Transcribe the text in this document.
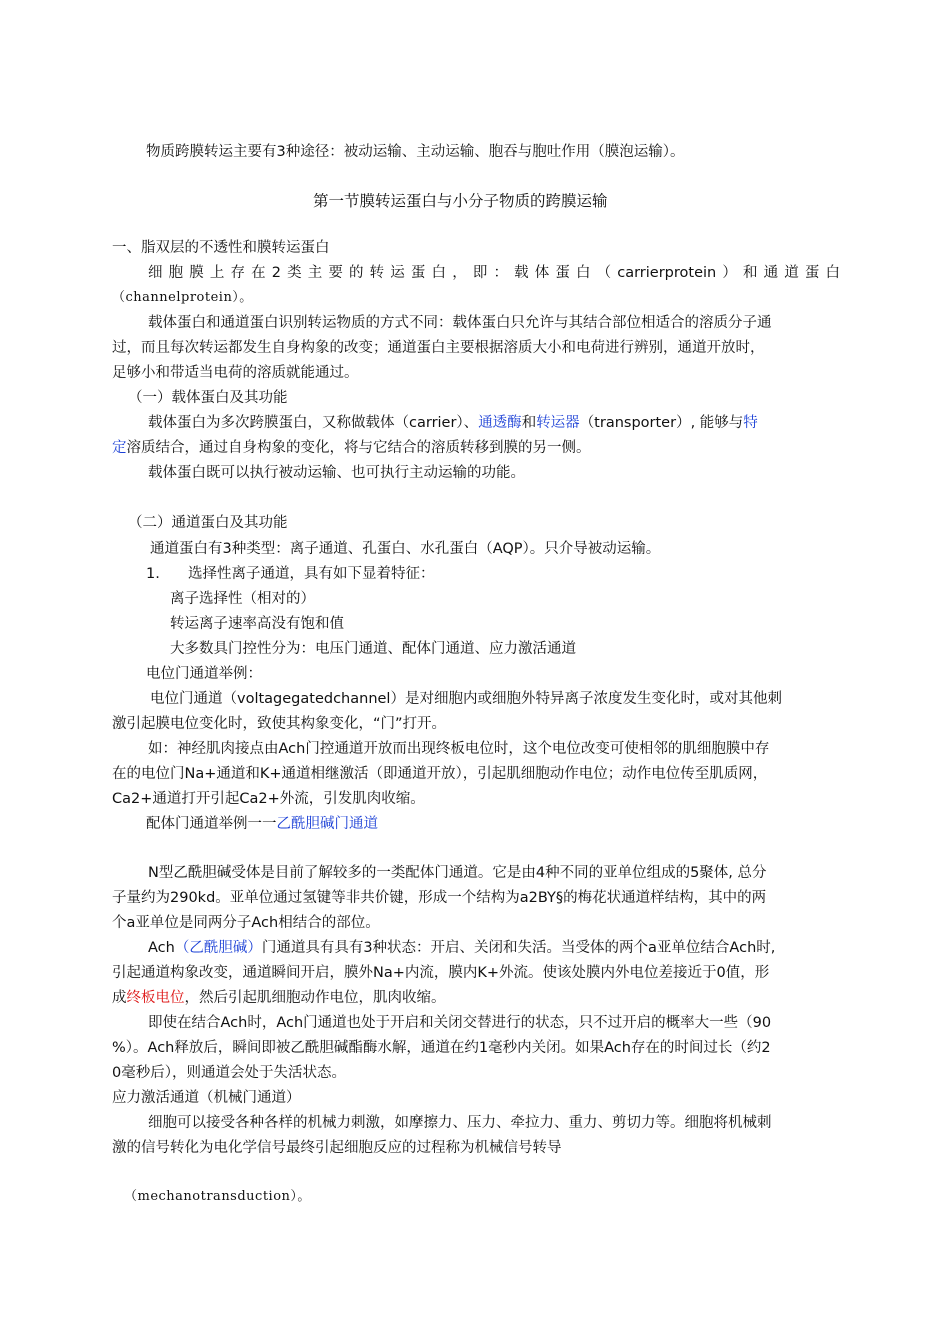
物质跨膜转运主要有3种途径：被动运输、主动运输、胞吞与胞吐作用（膜泡运输）。
第一节膜转运蛋白与小分子物质的跨膜运输
一、脂双层的不透性和膜转运蛋白
细胞膜上存在2类主要的转运蛋白，即：载体蛋白（carrierprotein）和通道蛋白
（channelprotein）。
载体蛋白和通道蛋白识别转运物质的方式不同：载体蛋白只允许与其结合部位相适合的溶质分子通
过，而且每次转运都发生自身构象的改变；通道蛋白主要根据溶质大小和电荷进行辨别，通道开放时，
足够小和带适当电荷的溶质就能通过。
（一）载体蛋白及其功能
载体蛋白为多次跨膜蛋白，又称做载体（carrier）、通透酶和转运器（transporter）, 能够与特
定溶质结合，通过自身构象的变化，将与它结合的溶质转移到膜的另一侧。
载体蛋白既可以执行被动运输、也可执行主动运输的功能。
（二）通道蛋白及其功能
通道蛋白有3种类型：离子通道、孔蛋白、水孔蛋白（AQP）。只介导被动运输。
1. 选择性离子通道，具有如下显着特征：
离子选择性（相对的）
转运离子速率高没有饱和值
大多数具门控性分为：电压门通道、配体门通道、应力激活通道
电位门通道举例：
电位门通道（voltagegatedchannel）是对细胞内或细胞外特异离子浓度发生变化时，或对其他刺
激引起膜电位变化时，致使其构象变化，“门”打开。
如：神经肌肉接点由Ach门控通道开放而出现终板电位时，这个电位改变可使相邻的肌细胞膜中存
在的电位门Na+通道和K+通道相继激活（即通道开放），引起肌细胞动作电位；动作电位传至肌质网，
Ca2+通道打开引起Ca2+外流，引发肌肉收缩。
配体门通道举例一一乙酰胆碱门通道
N型乙酰胆碱受体是目前了解较多的一类配体门通道。它是由4种不同的亚单位组成的5聚体, 总分
子量约为290kd。亚单位通过氢键等非共价键，形成一个结构为a2BY§的梅花状通道样结构，其中的两
个a亚单位是同两分子Ach相结合的部位。
Ach（乙酰胆碱）门通道具有具有3种状态：开启、关闭和失活。当受体的两个a亚单位结合Ach时,
引起通道构象改变，通道瞬间开启，膜外Na+内流，膜内K+外流。使该处膜内外电位差接近于0值，形
成终板电位，然后引起肌细胞动作电位，肌肉收缩。
即使在结合Ach时，Ach门通道也处于开启和关闭交替进行的状态，只不过开启的概率大一些（90
%）。Ach释放后，瞬间即被乙酰胆碱酯酶水解，通道在约1毫秒内关闭。如果Ach存在的时间过长（约2
0毫秒后），则通道会处于失活状态。
应力激活通道（机械门通道）
细胞可以接受各种各样的机械力刺激，如摩擦力、压力、牵拉力、重力、剪切力等。细胞将机械刺
激的信号转化为电化学信号最终引起细胞反应的过程称为机械信号转导
（mechanotransduction）。
